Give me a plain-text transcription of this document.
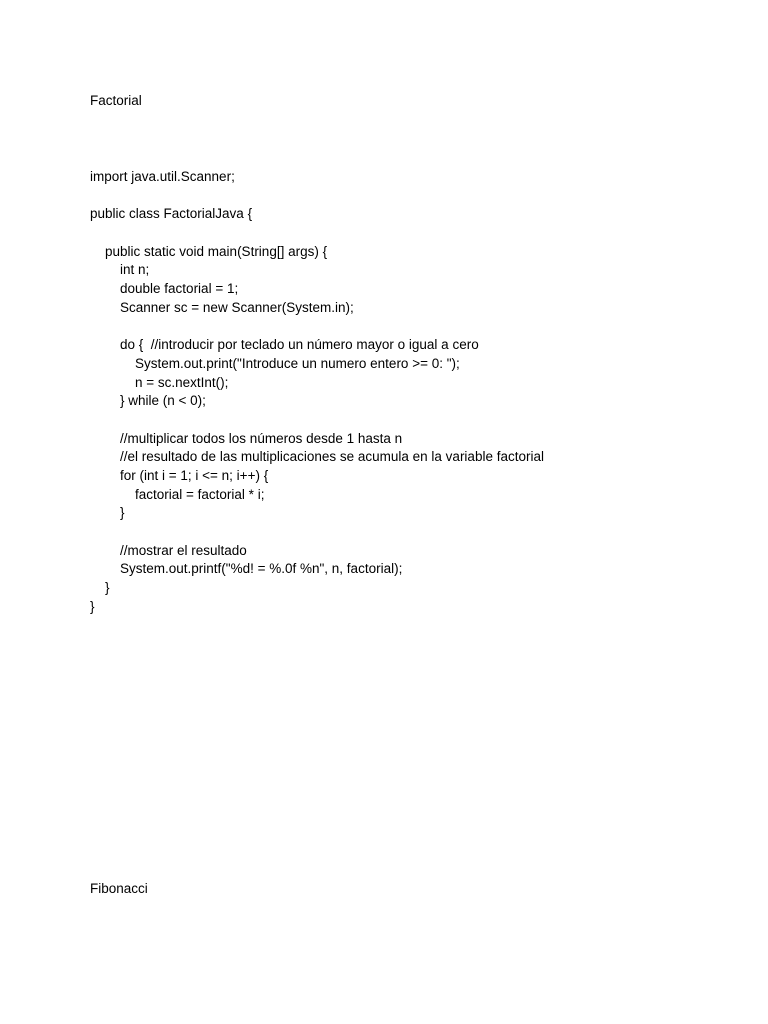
Factorial
import java.util.Scanner;
public class FactorialJava {
public static void main(String[] args) {
int n;
double factorial = 1;
Scanner sc = new Scanner(System.in);
do {  //introducir por teclado un número mayor o igual a cero
System.out.print("Introduce un numero entero >= 0: ");
n = sc.nextInt();
} while (n < 0);
//multiplicar todos los números desde 1 hasta n
//el resultado de las multiplicaciones se acumula en la variable factorial
for (int i = 1; i <= n; i++) {
factorial = factorial * i;
}
//mostrar el resultado
System.out.printf("%d! = %.0f %n", n, factorial);
}
}
Fibonacci
